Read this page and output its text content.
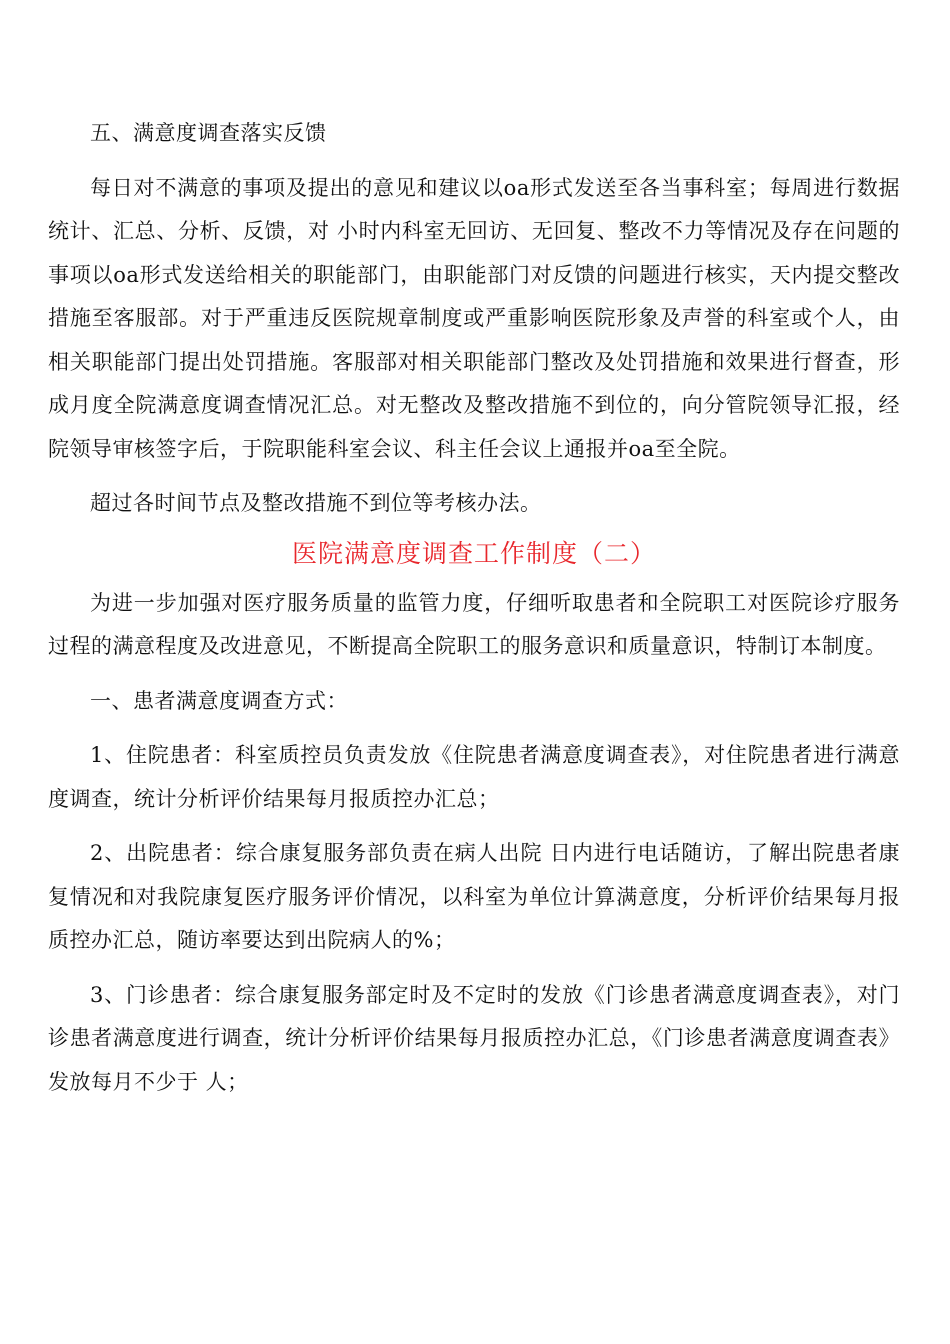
五、满意度调查落实反馈

每日对不满意的事项及提出的意见和建议以oa形式发送至各当事科室；每周进行数据统计、汇总、分析、反馈，对 小时内科室无回访、无回复、整改不力等情况及存在问题的事项以oa形式发送给相关的职能部门，由职能部门对反馈的问题进行核实，天内提交整改措施至客服部。对于严重违反医院规章制度或严重影响医院形象及声誉的科室或个人，由相关职能部门提出处罚措施。客服部对相关职能部门整改及处罚措施和效果进行督查，形成月度全院满意度调查情况汇总。对无整改及整改措施不到位的，向分管院领导汇报，经院领导审核签字后，于院职能科室会议、科主任会议上通报并oa至全院。

超过各时间节点及整改措施不到位等考核办法。

医院满意度调查工作制度（二）

为进一步加强对医疗服务质量的监管力度，仔细听取患者和全院职工对医院诊疗服务过程的满意程度及改进意见，不断提高全院职工的服务意识和质量意识，特制订本制度。

一、患者满意度调查方式：

1、住院患者：科室质控员负责发放《住院患者满意度调查表》，对住院患者进行满意度调查，统计分析评价结果每月报质控办汇总；

2、出院患者：综合康复服务部负责在病人出院 日内进行电话随访，了解出院患者康复情况和对我院康复医疗服务评价情况，以科室为单位计算满意度，分析评价结果每月报质控办汇总，随访率要达到出院病人的%；

3、门诊患者：综合康复服务部定时及不定时的发放《门诊患者满意度调查表》，对门诊患者满意度进行调查，统计分析评价结果每月报质控办汇总，《门诊患者满意度调查表》发放每月不少于 人；
